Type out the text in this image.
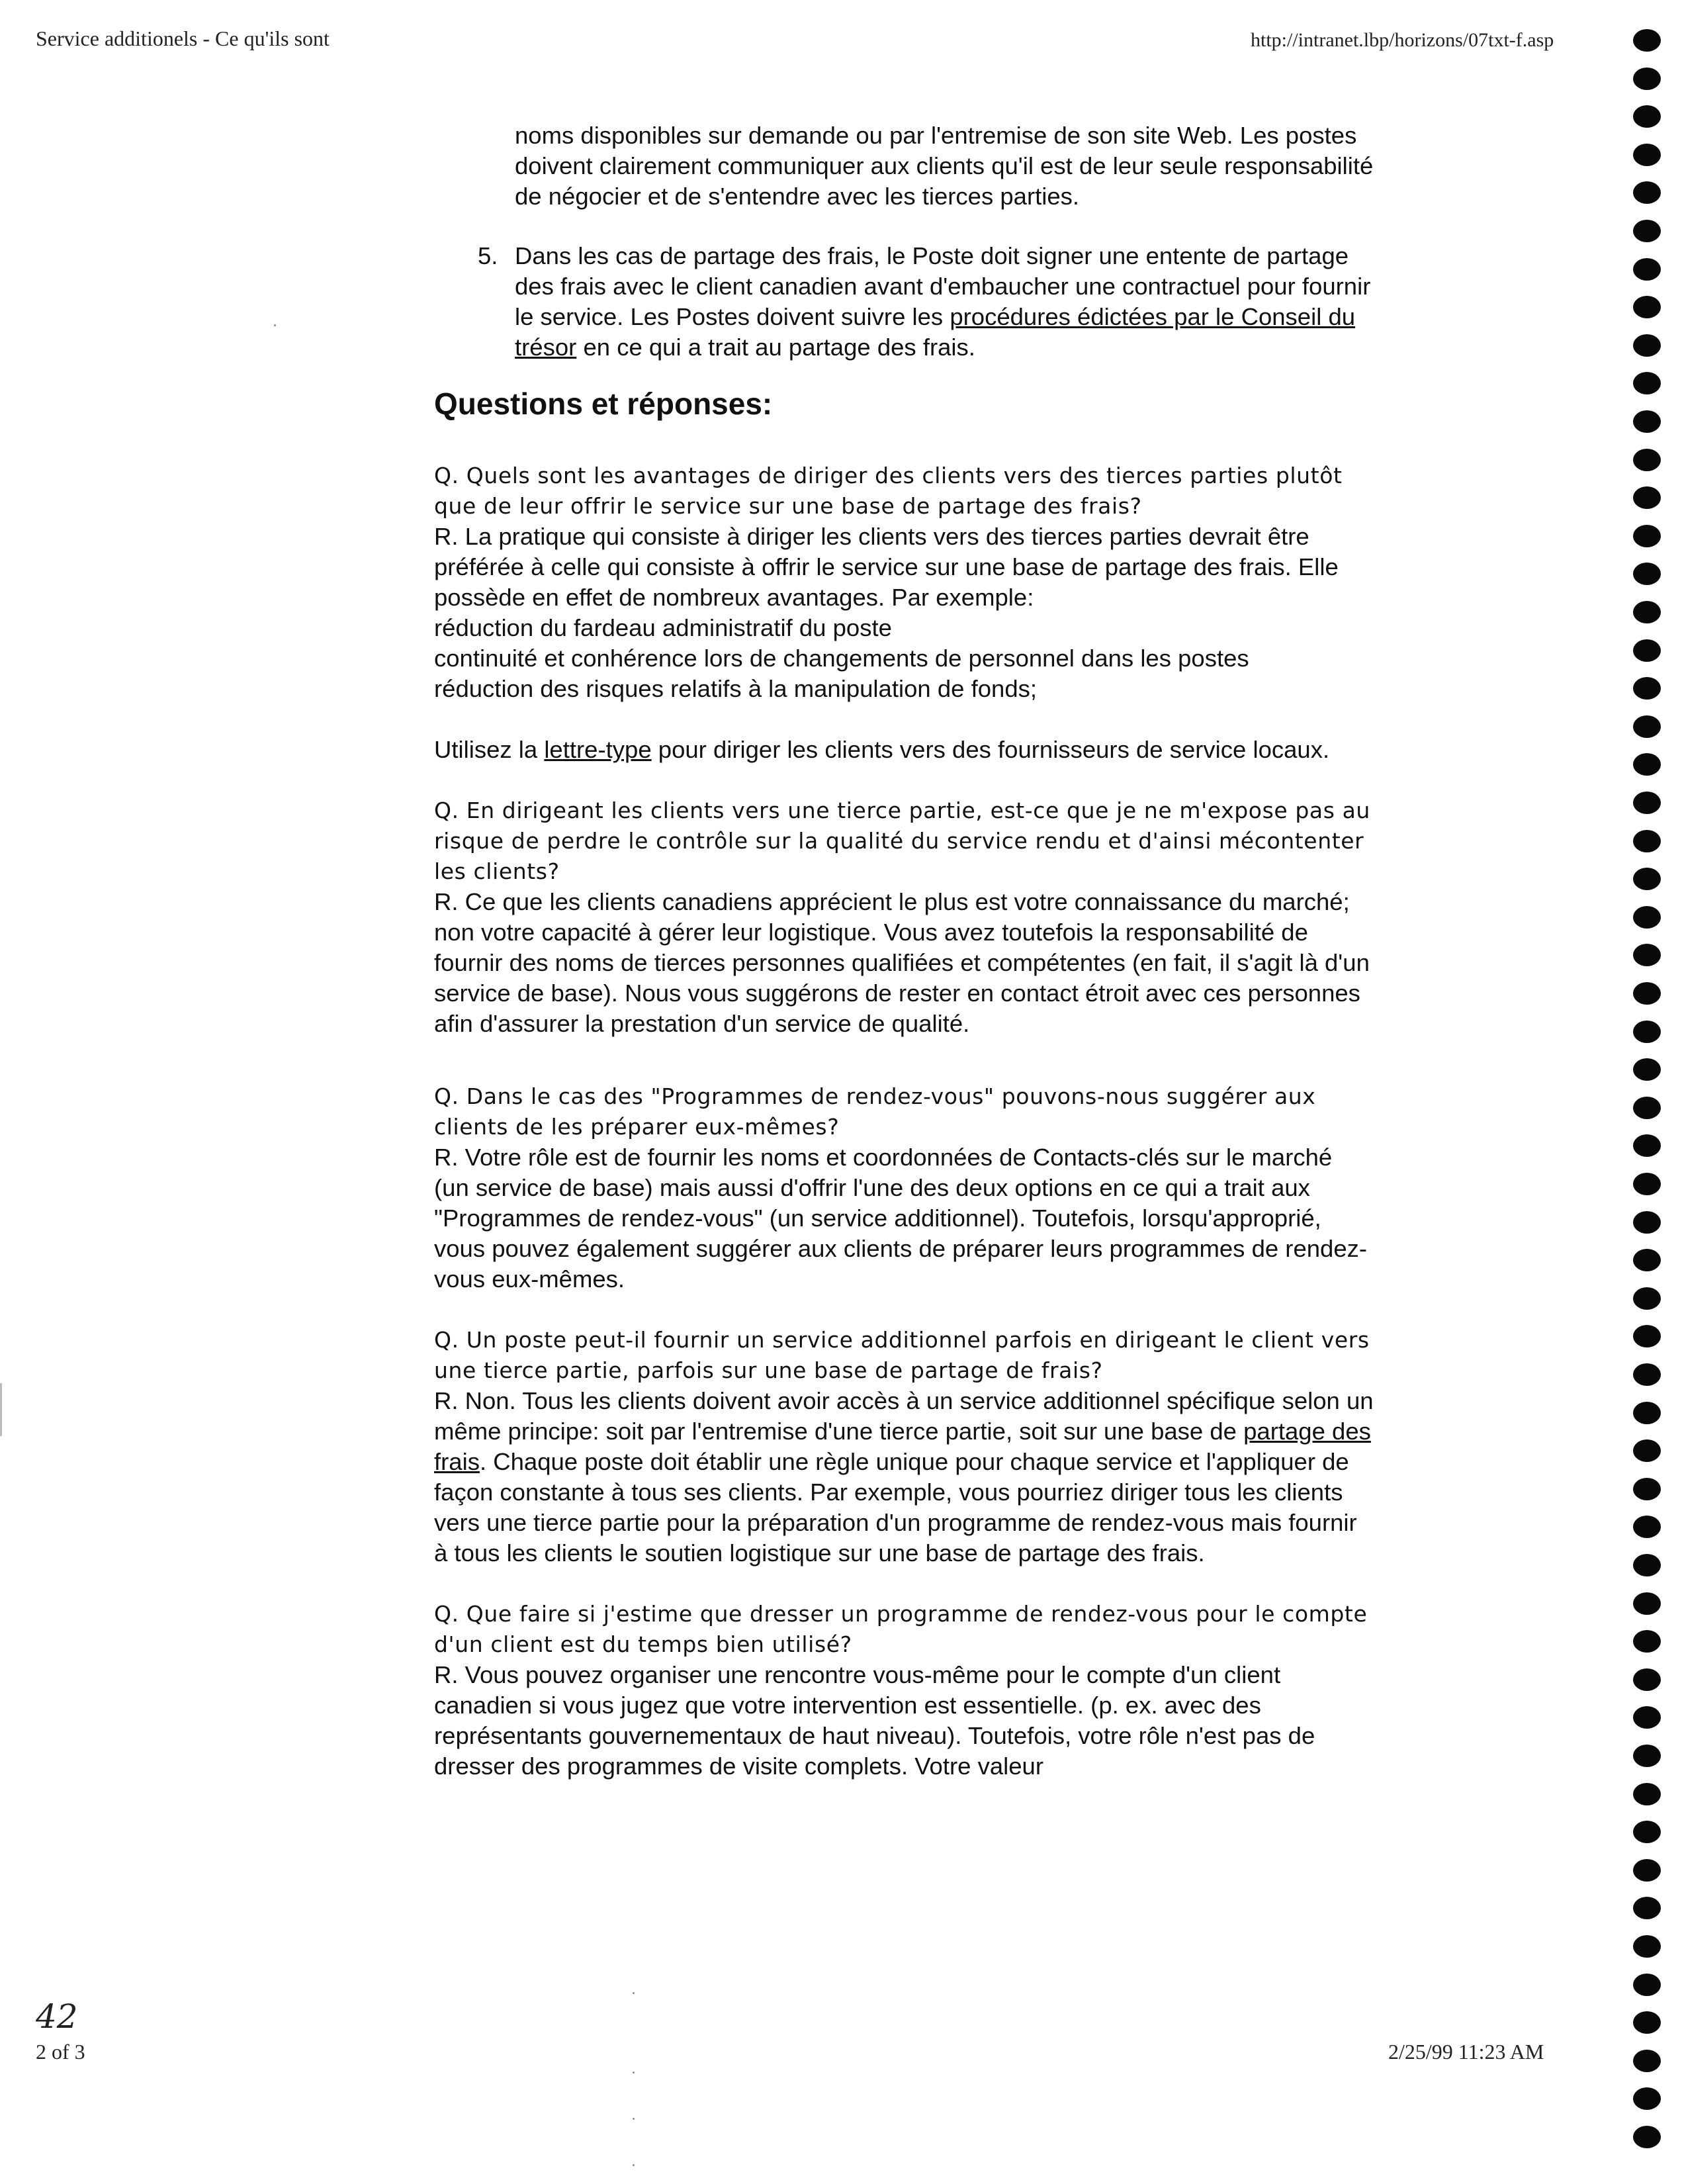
Service additionels - Ce qu'ils sont	http://intranet.lbp/horizons/07txt-f.asp

noms disponibles sur demande ou par l'entremise de son site Web. Les postes doivent clairement communiquer aux clients qu'il est de leur seule responsabilité de négocier et de s'entendre avec les tierces parties.

5. Dans les cas de partage des frais, le Poste doit signer une entente de partage des frais avec le client canadien avant d'embaucher une contractuel pour fournir le service. Les Postes doivent suivre les procédures édictées par le Conseil du trésor en ce qui a trait au partage des frais.
Questions et réponses:
Q. Quels sont les avantages de diriger des clients vers des tierces parties plutôt que de leur offrir le service sur une base de partage des frais?
R. La pratique qui consiste à diriger les clients vers des tierces parties devrait être préférée à celle qui consiste à offrir le service sur une base de partage des frais. Elle possède en effet de nombreux avantages. Par exemple:
réduction du fardeau administratif du poste
continuité et conhérence lors de changements de personnel dans les postes
réduction des risques relatifs à la manipulation de fonds;
Utilisez la lettre-type pour diriger les clients vers des fournisseurs de service locaux.
Q. En dirigeant les clients vers une tierce partie, est-ce que je ne m'expose pas au risque de perdre le contrôle sur la qualité du service rendu et d'ainsi mécontenter les clients?
R. Ce que les clients canadiens apprécient le plus est votre connaissance du marché; non votre capacité à gérer leur logistique. Vous avez toutefois la responsabilité de fournir des noms de tierces personnes qualifiées et compétentes (en fait, il s'agit là d'un service de base). Nous vous suggérons de rester en contact étroit avec ces personnes afin d'assurer la prestation d'un service de qualité.
Q. Dans le cas des "Programmes de rendez-vous" pouvons-nous suggérer aux clients de les préparer eux-mêmes?
R. Votre rôle est de fournir les noms et coordonnées de Contacts-clés sur le marché (un service de base) mais aussi d'offrir l'une des deux options en ce qui a trait aux "Programmes de rendez-vous" (un service additionnel). Toutefois, lorsqu'approprié, vous pouvez également suggérer aux clients de préparer leurs programmes de rendez-vous eux-mêmes.
Q. Un poste peut-il fournir un service additionnel parfois en dirigeant le client vers une tierce partie, parfois sur une base de partage de frais?
R. Non. Tous les clients doivent avoir accès à un service additionnel spécifique selon un même principe: soit par l'entremise d'une tierce partie, soit sur une base de partage des frais. Chaque poste doit établir une règle unique pour chaque service et l'appliquer de façon constante à tous ses clients. Par exemple, vous pourriez diriger tous les clients vers une tierce partie pour la préparation d'un programme de rendez-vous mais fournir à tous les clients le soutien logistique sur une base de partage des frais.
Q. Que faire si j'estime que dresser un programme de rendez-vous pour le compte d'un client est du temps bien utilisé?
R. Vous pouvez organiser une rencontre vous-même pour le compte d'un client canadien si vous jugez que votre intervention est essentielle. (p. ex. avec des représentants gouvernementaux de haut niveau). Toutefois, votre rôle n'est pas de dresser des programmes de visite complets. Votre valeur
42
2 of 3	2/25/99 11:23 AM
